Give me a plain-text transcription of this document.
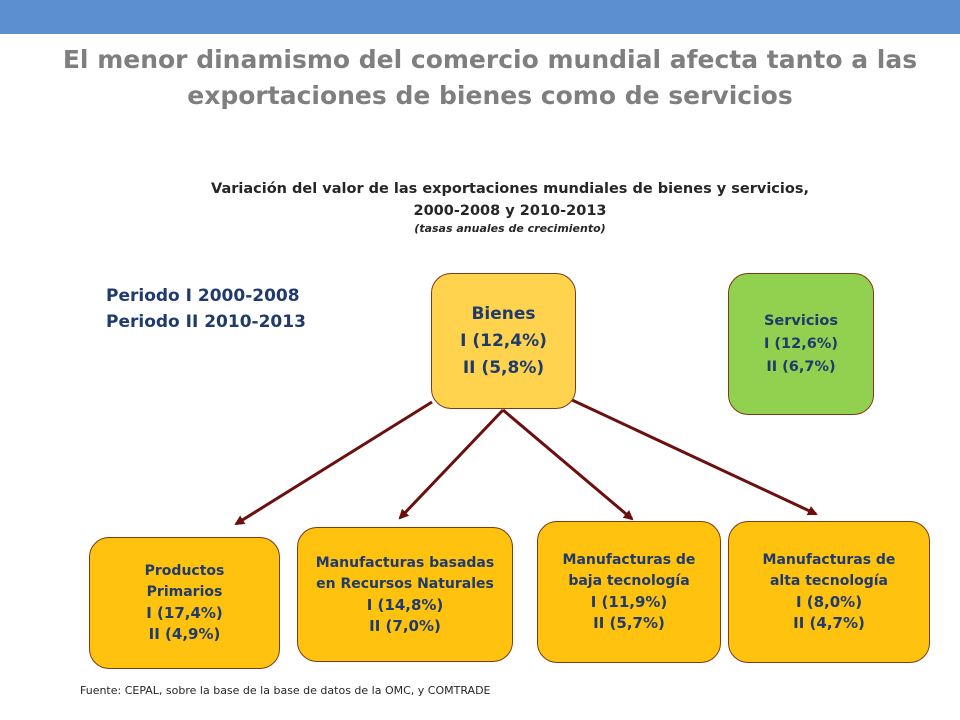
El menor dinamismo del comercio mundial afecta tanto a las
exportaciones de bienes como de servicios
Variación del valor de las exportaciones mundiales de bienes y servicios,
2000-2008 y 2010-2013
(tasas anuales de crecimiento)
Periodo I 2000-2008
Periodo II 2010-2013	Bienes
I (12,4%)
II (5,8%)
Servicios
I (12,6%)
II (6,7%)
Productos
Primarios
I (17,4%)
II (4,9%)
Manufacturas basadas
en Recursos Naturales
I (14,8%)
II (7,0%)
Manufacturas de
baja tecnología
I (11,9%)
II (5,7%)
Manufacturas de
alta tecnología
I (8,0%)
II (4,7%)
Fuente: CEPAL, sobre la base de la base de datos de la OMC, y COMTRADE
